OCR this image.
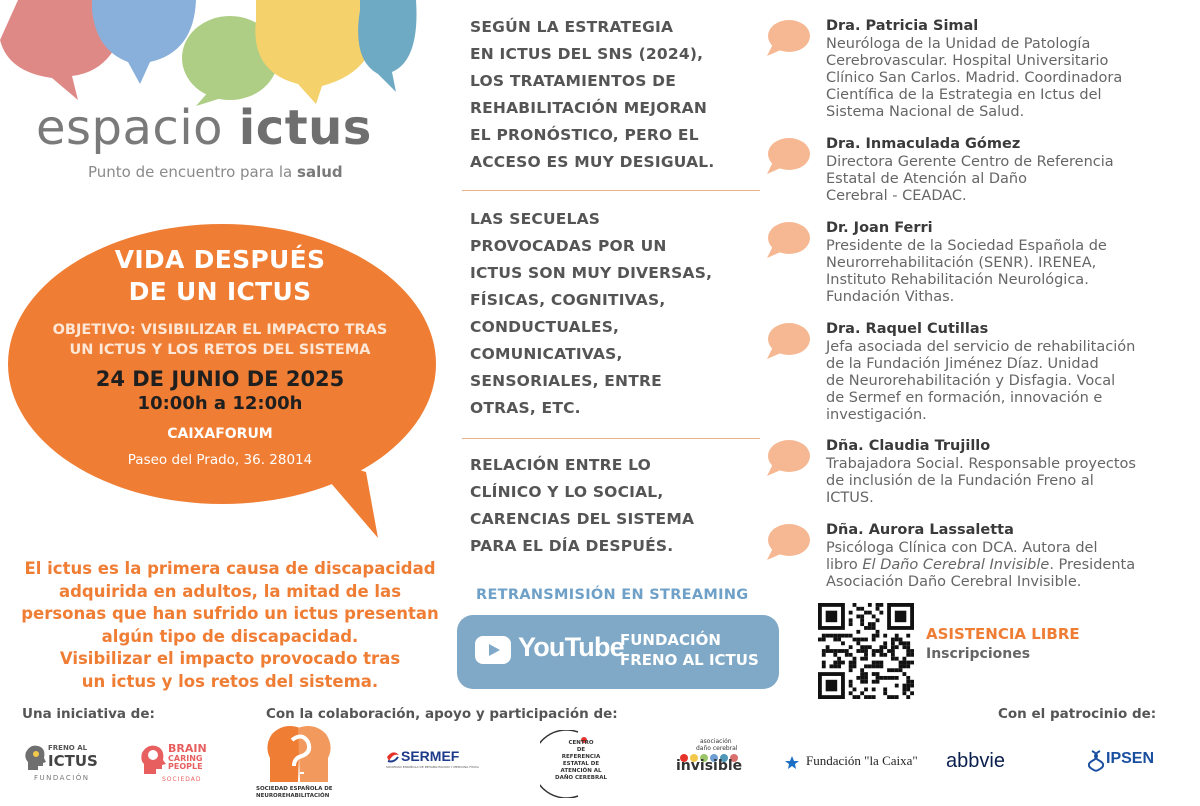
espacio ictus
Punto de encuentro para la salud
VIDA DESPUÉS
DE UN ICTUS
OBJETIVO: VISIBILIZAR EL IMPACTO TRAS
UN ICTUS Y LOS RETOS DEL SISTEMA
24 DE JUNIO DE 2025
10:00h a 12:00h
CAIXAFORUM
Paseo del Prado, 36. 28014
El ictus es la primera causa de discapacidad
adquirida en adultos, la mitad de las
personas que han sufrido un ictus presentan
algún tipo de discapacidad.
Visibilizar el impacto provocado tras
un ictus y los retos del sistema.
SEGÚN LA ESTRATEGIA
EN ICTUS DEL SNS (2024),
LOS TRATAMIENTOS DE
REHABILITACIÓN MEJORAN
EL PRONÓSTICO, PERO EL
ACCESO ES MUY DESIGUAL.
LAS SECUELAS
PROVOCADAS POR UN
ICTUS SON MUY DIVERSAS,
FÍSICAS, COGNITIVAS,
CONDUCTUALES,
COMUNICATIVAS,
SENSORIALES, ENTRE
OTRAS, ETC.
RELACIÓN ENTRE LO
CLÍNICO Y LO SOCIAL,
CARENCIAS DEL SISTEMA
PARA EL DÍA DESPUÉS.
RETRANSMISIÓN EN STREAMING
YouTube
FUNDACIÓN
FRENO AL ICTUS
Dra. Patricia Simal
Neuróloga de la Unidad de Patología
Cerebrovascular. Hospital Universitario
Clínico San Carlos. Madrid. Coordinadora
Científica de la Estrategia en Ictus del
Sistema Nacional de Salud.
Dra. Inmaculada Gómez
Directora Gerente Centro de Referencia
Estatal de Atención al Daño
Cerebral - CEADAC.
Dr. Joan Ferri
Presidente de la Sociedad Española de
Neurorrehabilitación (SENR). IRENEA,
Instituto Rehabilitación Neurológica.
Fundación Vithas.
Dra. Raquel Cutillas
Jefa asociada del servicio de rehabilitación
de la Fundación Jiménez Díaz. Unidad
de Neurorehabilitación y Disfagia. Vocal
de Sermef en formación, innovación e
investigación.
Dña. Claudia Trujillo
Trabajadora Social. Responsable proyectos
de inclusión de la Fundación Freno al
ICTUS.
Dña. Aurora Lassaletta
Psicóloga Clínica con DCA. Autora del
libro El Daño Cerebral Invisible. Presidenta
Asociación Daño Cerebral Invisible.
ASISTENCIA LIBRE
Inscripciones
Una iniciativa de:	Con la colaboración, apoyo y participación de:	Con el patrocinio de:
FRENO AL
ICTUS
FUNDACIÓN
BRAIN
CARING
PEOPLE
SOCIEDAD
SOCIEDAD ESPAÑOLA DE
NEUROREHABILITACIÓN
SERMEF
SOCIEDAD ESPAÑOLA DE REHABILITACIÓN Y MEDICINA FÍSICA
CENTRO
DE
REFERENCIA
ESTATAL DE
ATENCIÓN AL
DAÑO CEREBRAL
asociación
daño cerebral
invisible	Fundación "la Caixa" abbvie	IPSEN
